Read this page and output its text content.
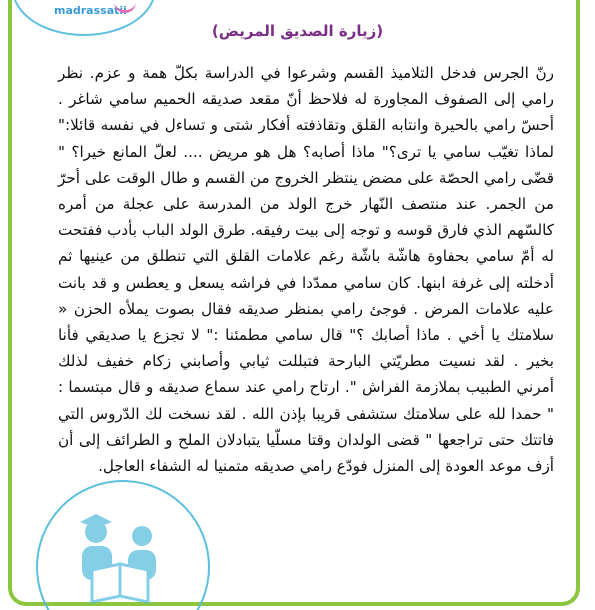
madrassatii
(زيارة الصديق المريض)

رنّ الجرس فدخل التلاميذ القسم وشرعوا في الدراسة بكلّ همة و عزم. نظر رامي إلى الصفوف المجاورة له فلاحظ أنّ مقعد صديقه الحميم سامي شاغر . أحسّ رامي بالحيرة وانتابه القلق وتقاذفته أفكار شتى و تساءل في نفسه قائلا:" لماذا تغيّب سامي يا ترى؟" ماذا أصابه؟ هل هو مريض .... لعلّ المانع خيرا؟ " قضّى رامي الحصّة على مضض ينتظر الخروج من القسم و طال الوقت على أحرّ من الجمر. عند منتصف النّهار خرج الولد من المدرسة على عجلة من أمره كالسّهم الذي فارق قوسه و توجه إلى بيت رفيقه. طرق الولد الباب بأدب ففتحت له أمّ سامي بحفاوة هاشّة باشّة رغم علامات القلق التي تنطلق من عينيها ثم أدخلته إلى غرفة ابنها. كان سامي ممدّدا في فراشه يسعل و يعطس و قد بانت عليه علامات المرض . فوجئ رامي بمنظر صديقه فقال بصوت يملأه الحزن « سلامتك يا أخي . ماذا أصابك ؟" قال سامي مطمئنا :" لا تجزع يا صديقي فأنا بخير . لقد نسيت مطريّتي البارحة فتبللت ثيابي وأصابني زكام خفيف لذلك أمرني الطبيب بملازمة الفراش ". ارتاح رامي عند سماع صديقه و قال مبتسما : " حمدا لله على سلامتك ستشفى قريبا بإذن الله . لقد نسخت لك الدّروس التي فاتتك حتى تراجعها " قضى الولدان وقتا مسلّيا يتبادلان الملح و الطرائف إلى أن أزف موعد العودة إلى المنزل فودّع رامي صديقه متمنيا له الشفاء العاجل.
